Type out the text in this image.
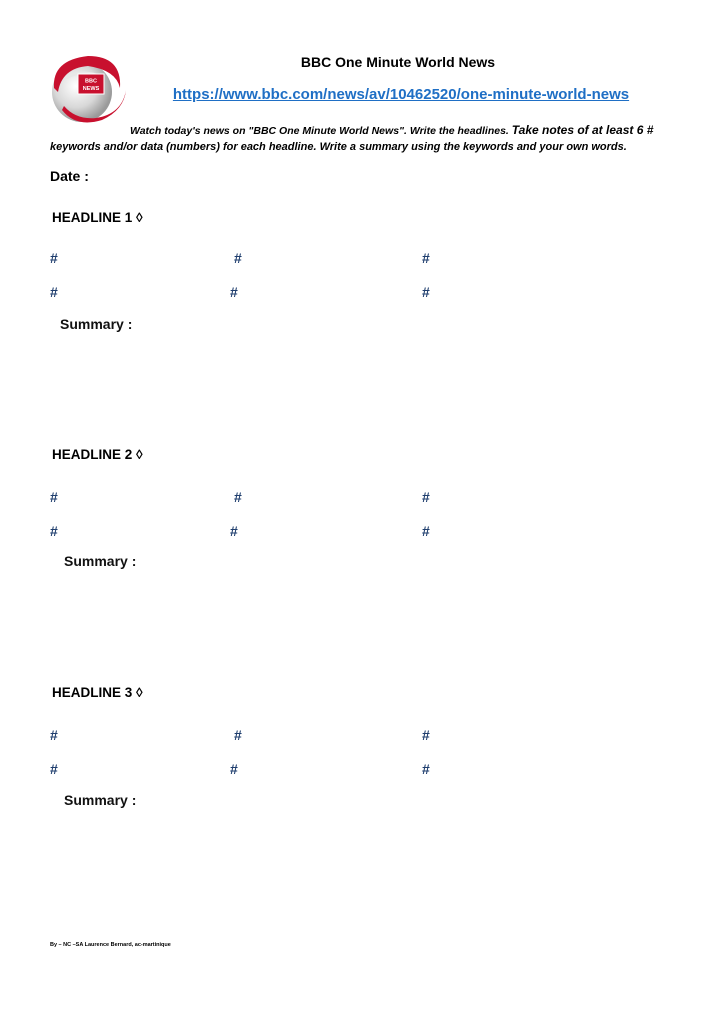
BBC
NEWS
BBC One Minute World News
https://www.bbc.com/news/av/10462520/one-minute-world-news
Watch today's news on "BBC One Minute World News". Write the headlines. Take notes of at least 6 #
keywords and/or data (numbers) for each headline. Write a summary using the keywords and your own words.
Date :
HEADLINE 1 ◊
#	#	#
#	#	#
Summary :
HEADLINE 2 ◊
#	#	#
#	#	#
Summary :
HEADLINE 3 ◊
#	#	#
#	#	#
Summary :
By – NC –SA Laurence Bernard, ac-martinique
